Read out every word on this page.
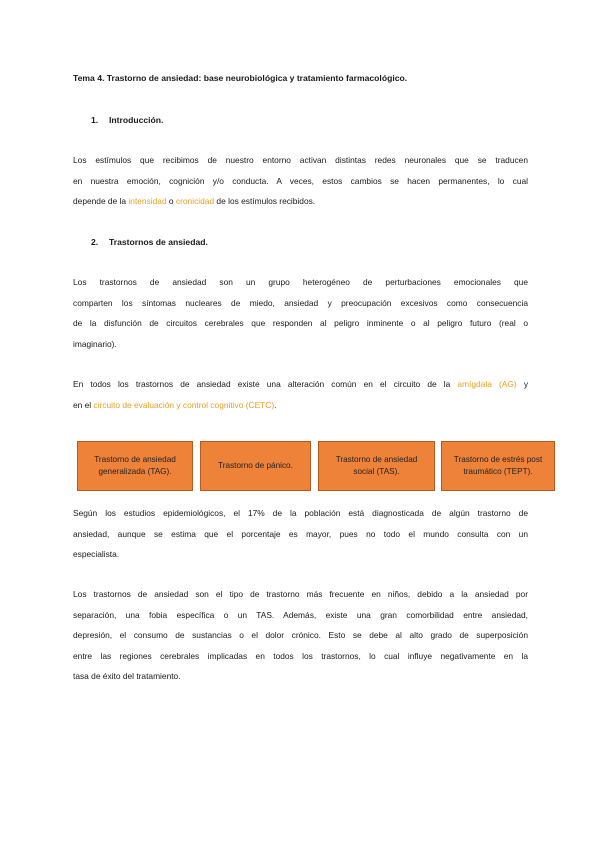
Tema 4. Trastorno de ansiedad: base neurobiológica y tratamiento farmacológico.
1. Introducción.
Los estímulos que recibimos de nuestro entorno activan distintas redes neuronales que se traducen
en nuestra emoción, cognición y/o conducta. A veces, estos cambios se hacen permanentes, lo cual
depende de la intensidad o cronicidad de los estímulos recibidos.
2. Trastornos de ansiedad.
Los trastornos de ansiedad son un grupo heterogéneo de perturbaciones emocionales que
comparten los síntomas nucleares de miedo, ansiedad y preocupación excesivos como consecuencia
de la disfunción de circuitos cerebrales que responden al peligro inminente o al peligro futuro (real o
imaginario).
En todos los trastornos de ansiedad existe una alteración común en el circuito de la amígdala (AG) y
en el circuito de evaluación y control cognitivo (CETC).
Trastorno de ansiedad generalizada (TAG).
Trastorno de pánico.
Trastorno de ansiedad social (TAS).
Trastorno de estrés post traumático (TEPT).
Según los estudios epidemiológicos, el 17% de la población está diagnosticada de algún trastorno de
ansiedad, aunque se estima que el porcentaje es mayor, pues no todo el mundo consulta con un
especialista.
Los trastornos de ansiedad son el tipo de trastorno más frecuente en niños, debido a la ansiedad por
separación, una fobia específica o un TAS. Además, existe una gran comorbilidad entre ansiedad,
depresión, el consumo de sustancias o el dolor crónico. Esto se debe al alto grado de superposición
entre las regiones cerebrales implicadas en todos los trastornos, lo cual influye negativamente en la
tasa de éxito del tratamiento.
